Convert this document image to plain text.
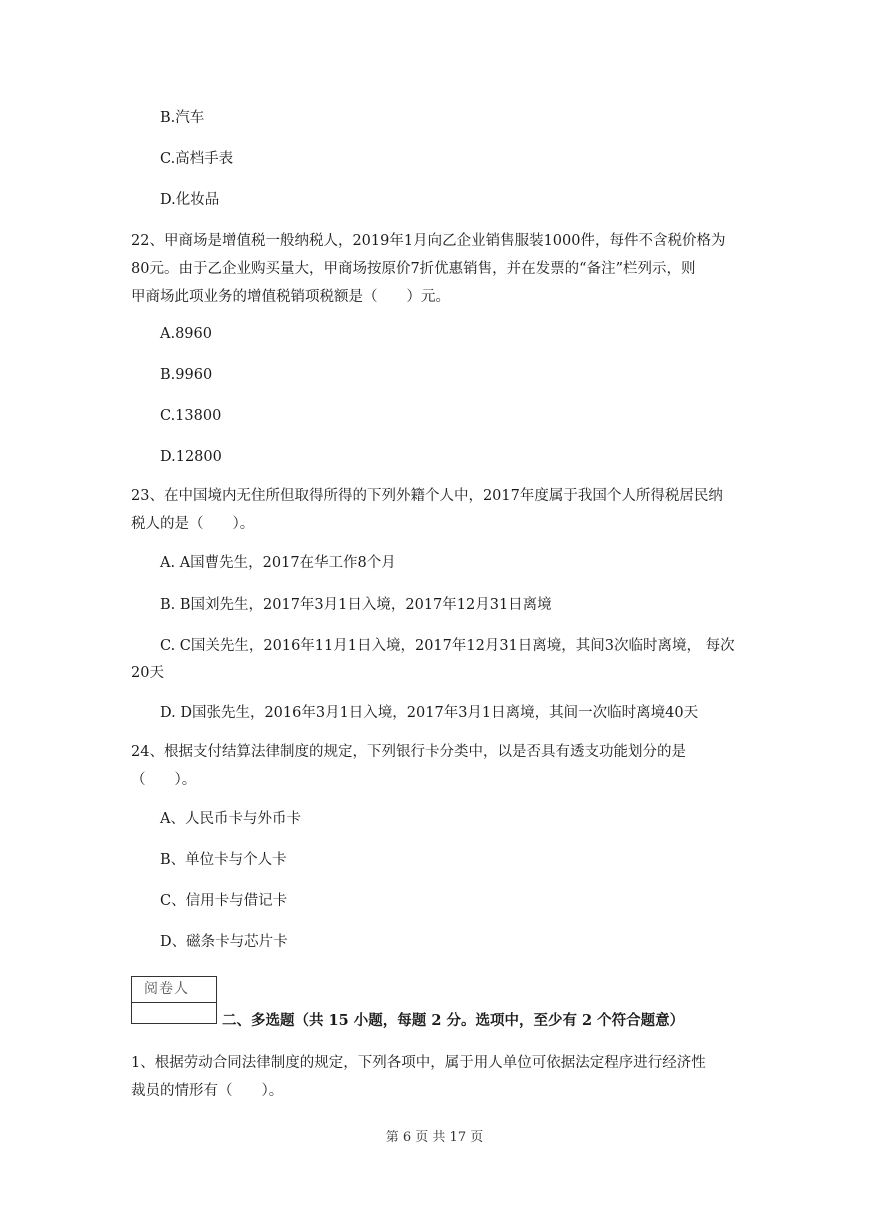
B.汽车
C.高档手表
D.化妆品
22、甲商场是增值税一般纳税人，2019年1月向乙企业销售服装1000件，每件不含税价格为
80元。由于乙企业购买量大，甲商场按原价7折优惠销售，并在发票的“备注”栏列示，则
甲商场此项业务的增值税销项税额是（　　）元。
A.8960
B.9960
C.13800
D.12800
23、在中国境内无住所但取得所得的下列外籍个人中，2017年度属于我国个人所得税居民纳
税人的是（　　）。
A. A国曹先生，2017在华工作8个月
B. B国刘先生，2017年3月1日入境，2017年12月31日离境
C. C国关先生，2016年11月1日入境，2017年12月31日离境，其间3次临时离境， 每次
20天
D. D国张先生，2016年3月1日入境，2017年3月1日离境，其间一次临时离境40天
24、根据支付结算法律制度的规定，下列银行卡分类中，以是否具有透支功能划分的是
（　　）。
A、人民币卡与外币卡
B、单位卡与个人卡
C、信用卡与借记卡
D、磁条卡与芯片卡
阅卷人
二、多选题（共 15 小题，每题 2 分。选项中，至少有 2 个符合题意）
1、根据劳动合同法律制度的规定，下列各项中，属于用人单位可依据法定程序进行经济性
裁员的情形有（　　）。
第 6 页 共 17 页
